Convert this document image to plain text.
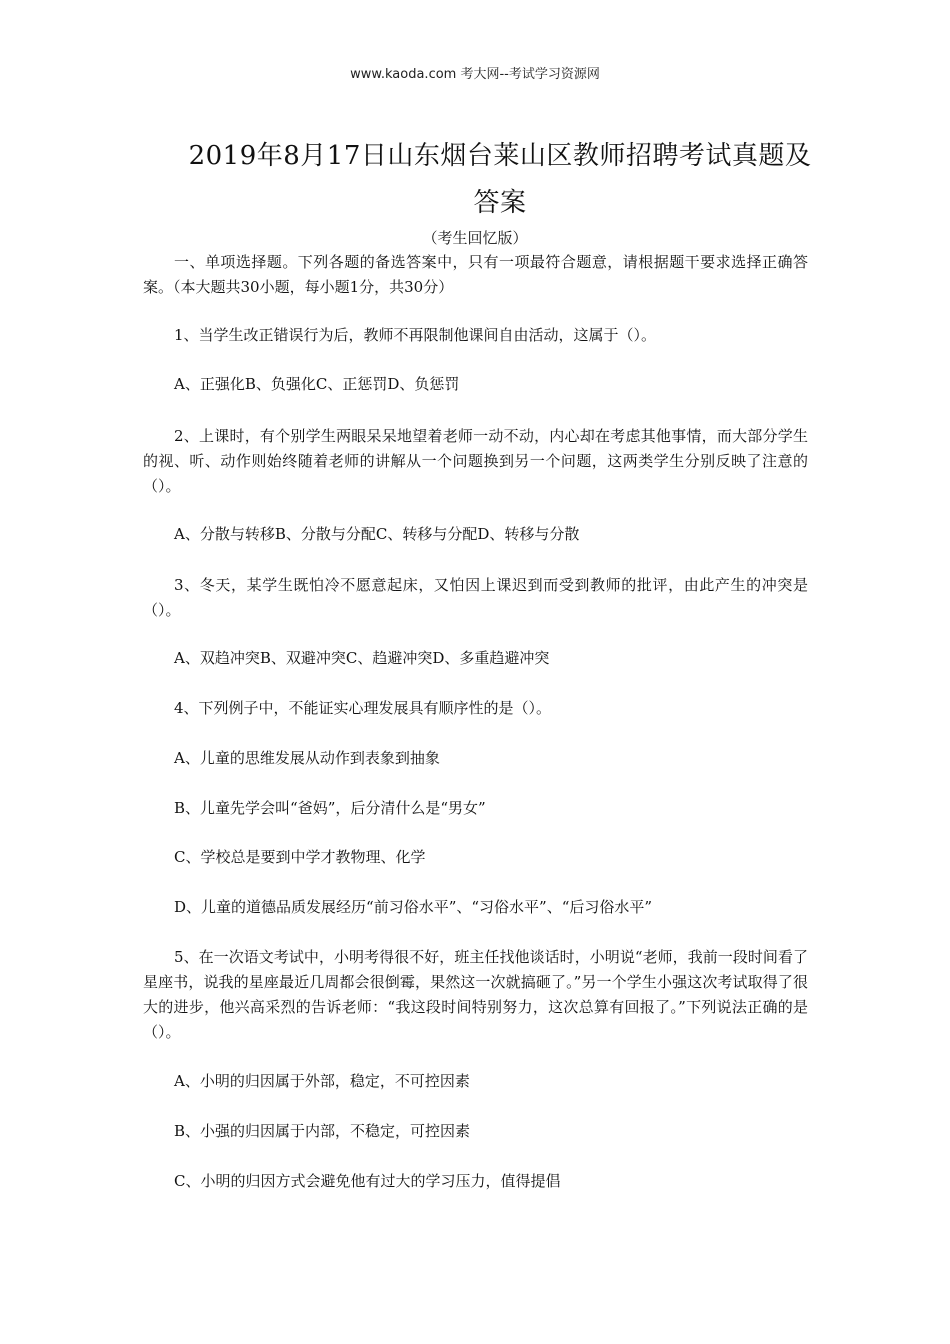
www.kaoda.com 考大网--考试学习资源网
2019年8月17日山东烟台莱山区教师招聘考试真题及
答案
（考生回忆版）

一、单项选择题。下列各题的备选答案中，只有一项最符合题意，请根据题干要求选择正确答案。（本大题共30小题，每小题1分，共30分）

1、当学生改正错误行为后，教师不再限制他课间自由活动，这属于（）。

A、正强化B、负强化C、正惩罚D、负惩罚

2、上课时，有个别学生两眼呆呆地望着老师一动不动，内心却在考虑其他事情，而大部分学生的视、听、动作则始终随着老师的讲解从一个问题换到另一个问题，这两类学生分别反映了注意的（）。

A、分散与转移B、分散与分配C、转移与分配D、转移与分散

3、冬天，某学生既怕冷不愿意起床，又怕因上课迟到而受到教师的批评，由此产生的冲突是（）。

A、双趋冲突B、双避冲突C、趋避冲突D、多重趋避冲突

4、下列例子中，不能证实心理发展具有顺序性的是（）。

A、儿童的思维发展从动作到表象到抽象

B、儿童先学会叫“爸妈”，后分清什么是“男女”

C、学校总是要到中学才教物理、化学

D、儿童的道德品质发展经历“前习俗水平”、“习俗水平”、“后习俗水平”

5、在一次语文考试中，小明考得很不好，班主任找他谈话时，小明说“老师，我前一段时间看了星座书，说我的星座最近几周都会很倒霉，果然这一次就搞砸了。”另一个学生小强这次考试取得了很大的进步，他兴高采烈的告诉老师：“我这段时间特别努力，这次总算有回报了。”下列说法正确的是（）。

A、小明的归因属于外部，稳定，不可控因素

B、小强的归因属于内部，不稳定，可控因素

C、小明的归因方式会避免他有过大的学习压力，值得提倡
